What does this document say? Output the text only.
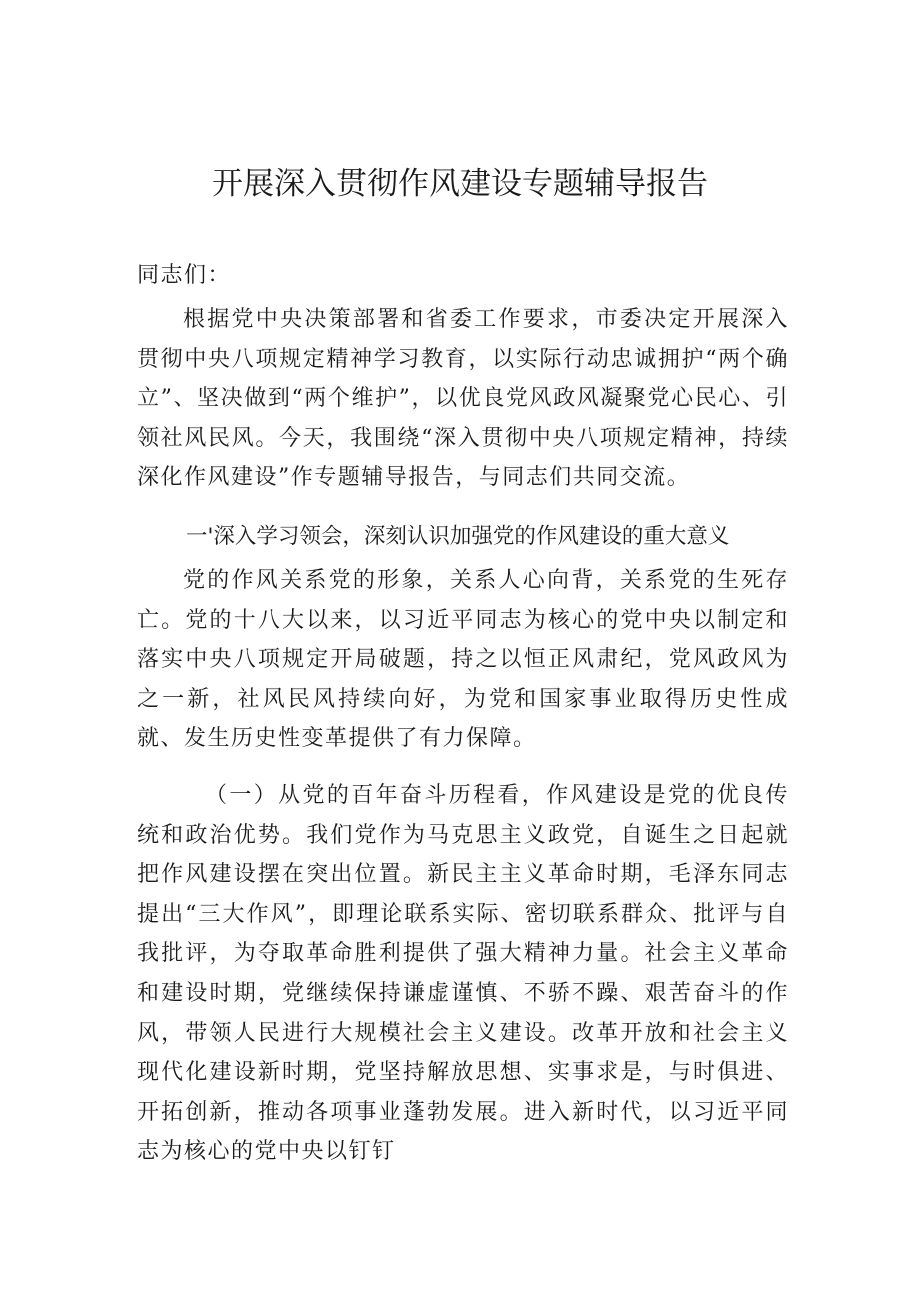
开展深入贯彻作风建设专题辅导报告

同志们：

根据党中央决策部署和省委工作要求，市委决定开展深入贯彻中央八项规定精神学习教育，以实际行动忠诚拥护“两个确立”、坚决做到“两个维护”，以优良党风政风凝聚党心民心、引领社风民风。今天，我围绕“深入贯彻中央八项规定精神，持续深化作风建设”作专题辅导报告，与同志们共同交流。

一'深入学习领会，深刻认识加强党的作风建设的重大意义

党的作风关系党的形象，关系人心向背，关系党的生死存亡。党的十八大以来，以习近平同志为核心的党中央以制定和落实中央八项规定开局破题，持之以恒正风肃纪，党风政风为之一新，社风民风持续向好，为党和国家事业取得历史性成就、发生历史性变革提供了有力保障。

（一）从党的百年奋斗历程看，作风建设是党的优良传统和政治优势。我们党作为马克思主义政党，自诞生之日起就把作风建设摆在突出位置。新民主主义革命时期，毛泽东同志提出“三大作风”，即理论联系实际、密切联系群众、批评与自我批评，为夺取革命胜利提供了强大精神力量。社会主义革命和建设时期，党继续保持谦虚谨慎、不骄不躁、艰苦奋斗的作风，带领人民进行大规模社会主义建设。改革开放和社会主义现代化建设新时期，党坚持解放思想、实事求是，与时俱进、开拓创新，推动各项事业蓬勃发展。进入新时代，以习近平同志为核心的党中央以钉钉
